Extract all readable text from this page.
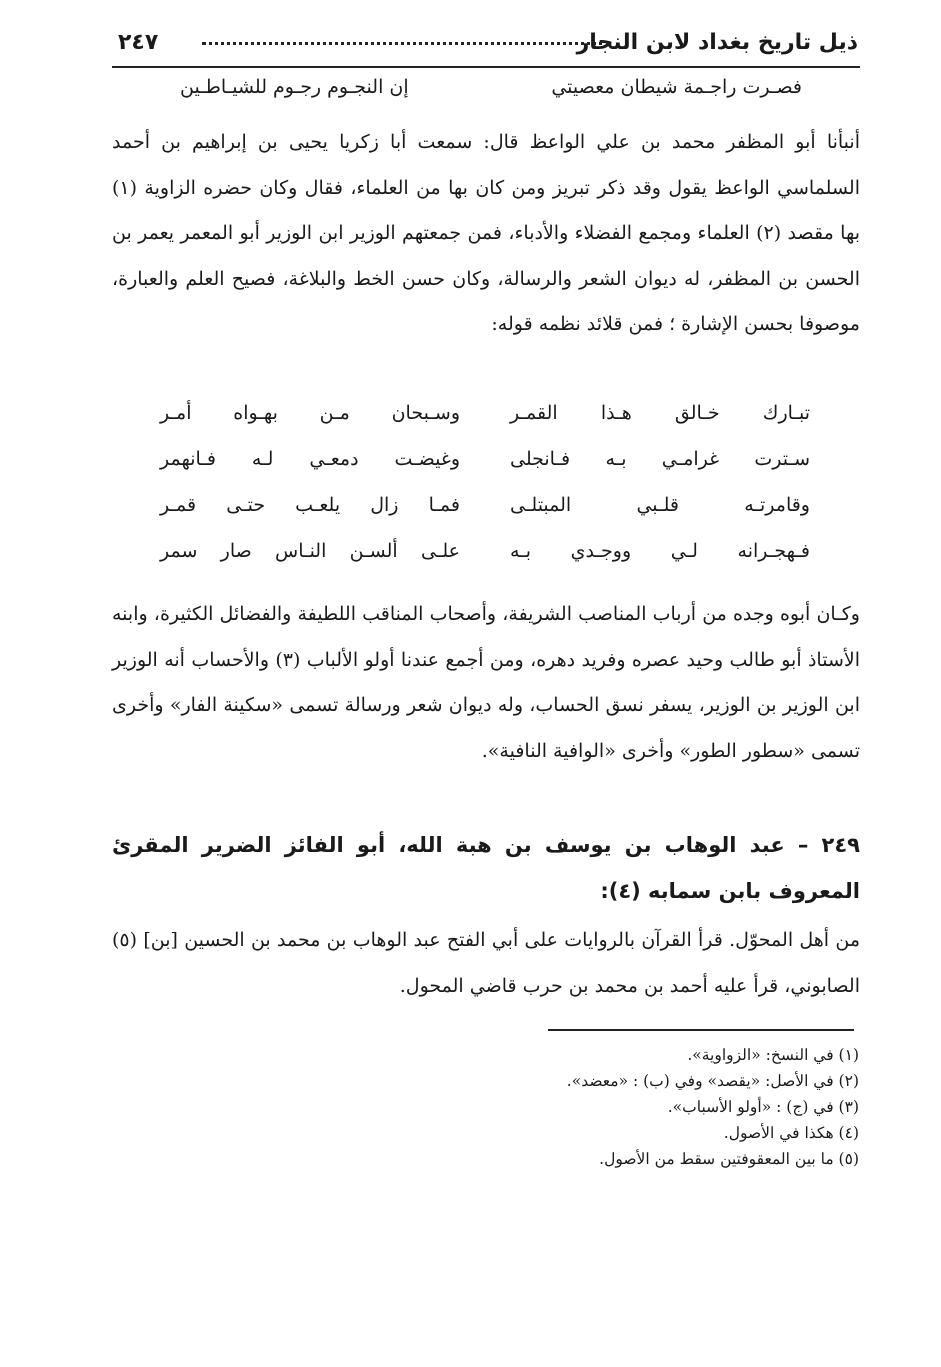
ذيل تاريخ بغداد لابن النجار
٢٤٧
فصـرت راجـمة شيطان معصيتي
إن النجـوم رجـوم للشيـاطـين

أنبأنا أبو المظفر محمد بن علي الواعظ قال: سمعت أبا زكريا يحيى بن إبراهيم بن أحمد السلماسي الواعظ يقول وقد ذكر تبريز ومن كان بها من العلماء، فقال وكان حضره الزاوية (١) بها مقصد (٢) العلماء ومجمع الفضلاء والأدباء، فمن جمعتهم الوزير ابن الوزير أبو المعمر يعمر بن الحسن بن المظفر، له ديوان الشعر والرسالة، وكان حسن الخط والبلاغة، فصيح العلم والعبارة، موصوفا بحسن الإشارة ؛ فمن قلائد نظمه قوله:

تبـارك خـالق هـذا القمـر
وسـبحان مـن بهـواه أمـر
سـترت غرامـي بـه فـانجلى
وغيضـت دمعـي لـه فـانهمر
وقامرتـه قلـبي المبتلـى
فمـا زال يلعـب حتـى قمـر
فـهجـرانه لـي ووجـدي بـه
علـى ألسـن النـاس صار سمر

وكـان أبوه وجده من أرباب المناصب الشريفة، وأصحاب المناقب اللطيفة والفضائل الكثيرة، وابنه الأستاذ أبو طالب وحيد عصره وفريد دهره، ومن أجمع عندنا أولو الألباب (٣) والأحساب أنه الوزير ابن الوزير بن الوزير، يسفر نسق الحساب، وله ديوان شعر ورسالة تسمى «سكينة الفار» وأخرى تسمى «سطور الطور» وأخرى «الوافية النافية».

٢٤٩ – عبد الوهاب بن يوسف بن هبة الله، أبو الفائز الضرير المقرئ المعروف بابن سمابه (٤):

من أهل المحوّل. قرأ القرآن بالروايات على أبي الفتح عبد الوهاب بن محمد بن الحسين [بن] (٥) الصابوني، قرأ عليه أحمد بن محمد بن حرب قاضي المحول.

(١) في النسخ: «الزواوية».
(٢) في الأصل: «يقصد» وفي (ب) : «معضد».
(٣) في (ج) : «أولو الأسباب».
(٤) هكذا في الأصول.
(٥) ما بين المعقوفتين سقط من الأصول.
